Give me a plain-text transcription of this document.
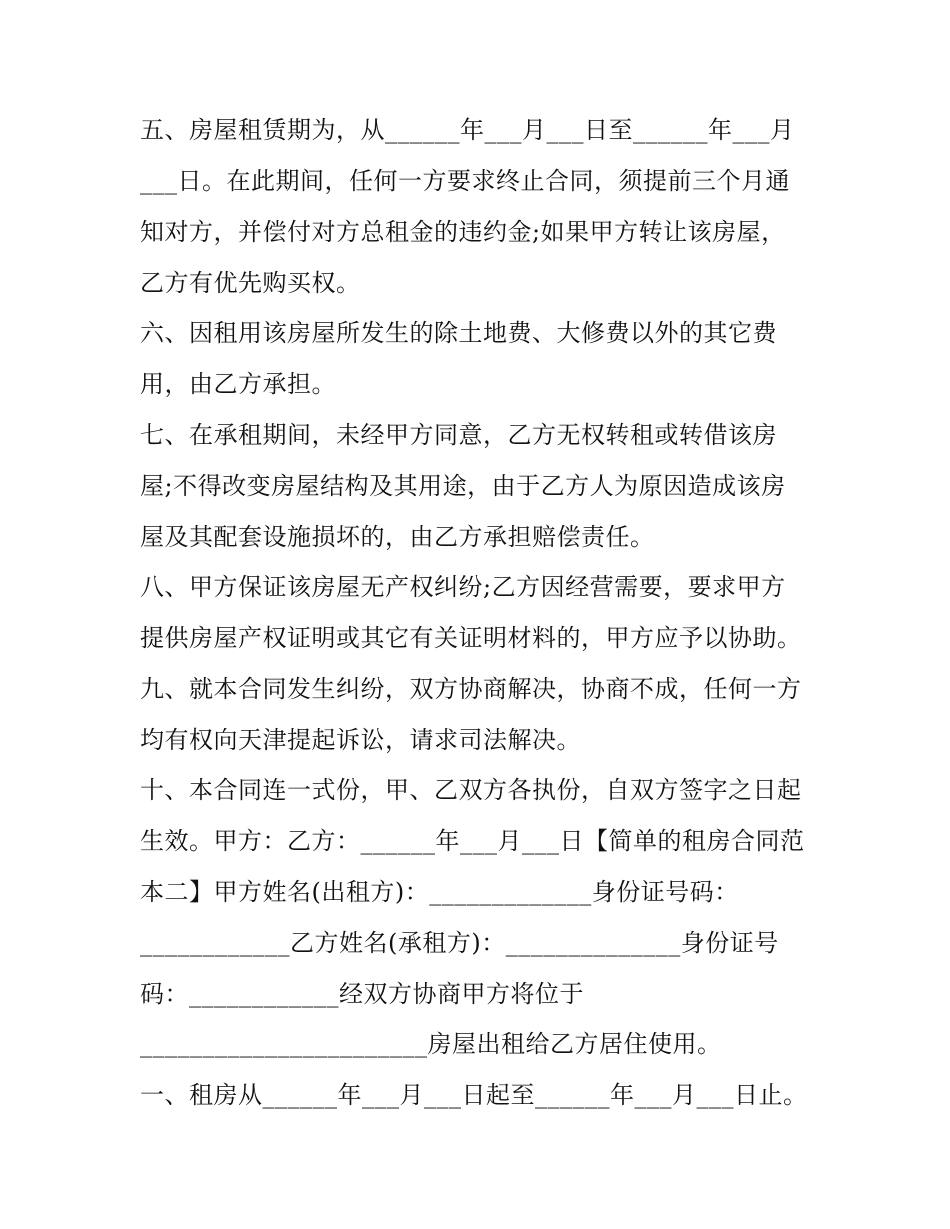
五、房屋租赁期为，从______年___月___日至______年___月
___日。在此期间，任何一方要求终止合同，须提前三个月通
知对方，并偿付对方总租金的违约金;如果甲方转让该房屋，
乙方有优先购买权。
六、因租用该房屋所发生的除土地费、大修费以外的其它费
用，由乙方承担。
七、在承租期间，未经甲方同意，乙方无权转租或转借该房
屋;不得改变房屋结构及其用途，由于乙方人为原因造成该房
屋及其配套设施损坏的，由乙方承担赔偿责任。
八、甲方保证该房屋无产权纠纷;乙方因经营需要，要求甲方
提供房屋产权证明或其它有关证明材料的，甲方应予以协助。
九、就本合同发生纠纷，双方协商解决，协商不成，任何一方
均有权向天津提起诉讼，请求司法解决。
十、本合同连一式份，甲、乙双方各执份，自双方签字之日起
生效。甲方：乙方：______年___月___日【简单的租房合同范
本二】甲方姓名(出租方)：_____________身份证号码：
____________乙方姓名(承租方)：______________身份证号
码：____________经双方协商甲方将位于
_______________________房屋出租给乙方居住使用。
一、租房从______年___月___日起至______年___月___日止。
